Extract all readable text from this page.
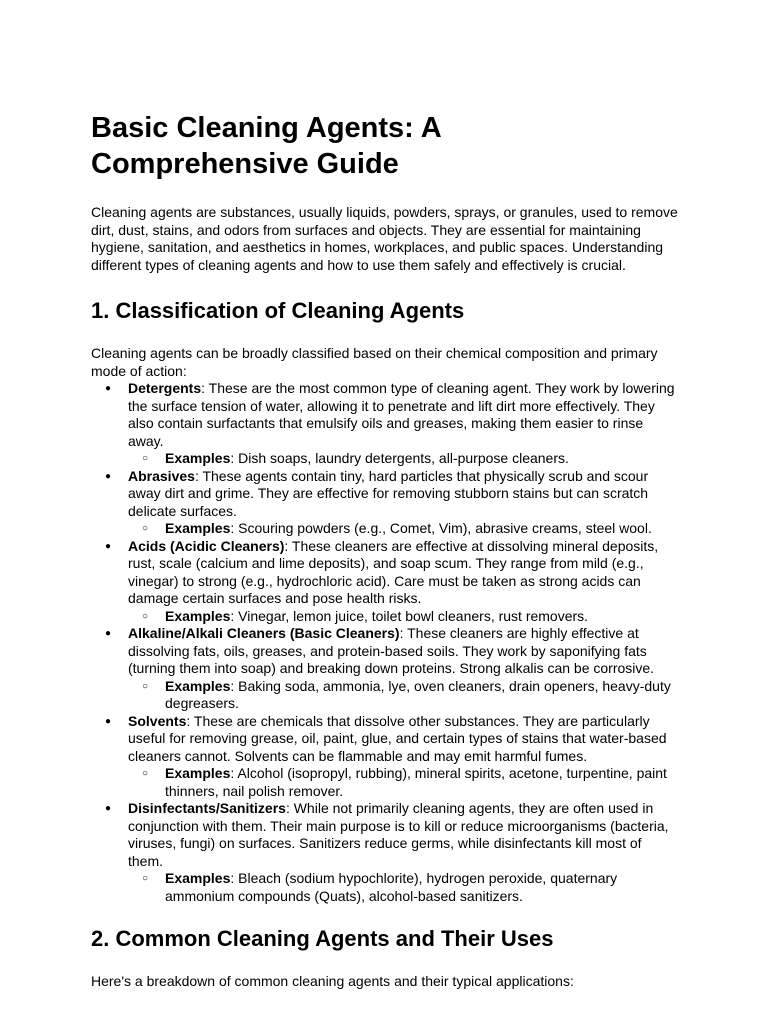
Basic Cleaning Agents: A Comprehensive Guide

Cleaning agents are substances, usually liquids, powders, sprays, or granules, used to remove dirt, dust, stains, and odors from surfaces and objects. They are essential for maintaining hygiene, sanitation, and aesthetics in homes, workplaces, and public spaces. Understanding different types of cleaning agents and how to use them safely and effectively is crucial.

1. Classification of Cleaning Agents

Cleaning agents can be broadly classified based on their chemical composition and primary mode of action:

● Detergents: These are the most common type of cleaning agent. They work by lowering the surface tension of water, allowing it to penetrate and lift dirt more effectively. They also contain surfactants that emulsify oils and greases, making them easier to rinse away.
○ Examples: Dish soaps, laundry detergents, all-purpose cleaners.
● Abrasives: These agents contain tiny, hard particles that physically scrub and scour away dirt and grime. They are effective for removing stubborn stains but can scratch delicate surfaces.
○ Examples: Scouring powders (e.g., Comet, Vim), abrasive creams, steel wool.
● Acids (Acidic Cleaners): These cleaners are effective at dissolving mineral deposits, rust, scale (calcium and lime deposits), and soap scum. They range from mild (e.g., vinegar) to strong (e.g., hydrochloric acid). Care must be taken as strong acids can damage certain surfaces and pose health risks.
○ Examples: Vinegar, lemon juice, toilet bowl cleaners, rust removers.
● Alkaline/Alkali Cleaners (Basic Cleaners): These cleaners are highly effective at dissolving fats, oils, greases, and protein-based soils. They work by saponifying fats (turning them into soap) and breaking down proteins. Strong alkalis can be corrosive.
○ Examples: Baking soda, ammonia, lye, oven cleaners, drain openers, heavy-duty degreasers.
● Solvents: These are chemicals that dissolve other substances. They are particularly useful for removing grease, oil, paint, glue, and certain types of stains that water-based cleaners cannot. Solvents can be flammable and may emit harmful fumes.
○ Examples: Alcohol (isopropyl, rubbing), mineral spirits, acetone, turpentine, paint thinners, nail polish remover.
● Disinfectants/Sanitizers: While not primarily cleaning agents, they are often used in conjunction with them. Their main purpose is to kill or reduce microorganisms (bacteria, viruses, fungi) on surfaces. Sanitizers reduce germs, while disinfectants kill most of them.
○ Examples: Bleach (sodium hypochlorite), hydrogen peroxide, quaternary ammonium compounds (Quats), alcohol-based sanitizers.
2. Common Cleaning Agents and Their Uses

Here's a breakdown of common cleaning agents and their typical applications:
